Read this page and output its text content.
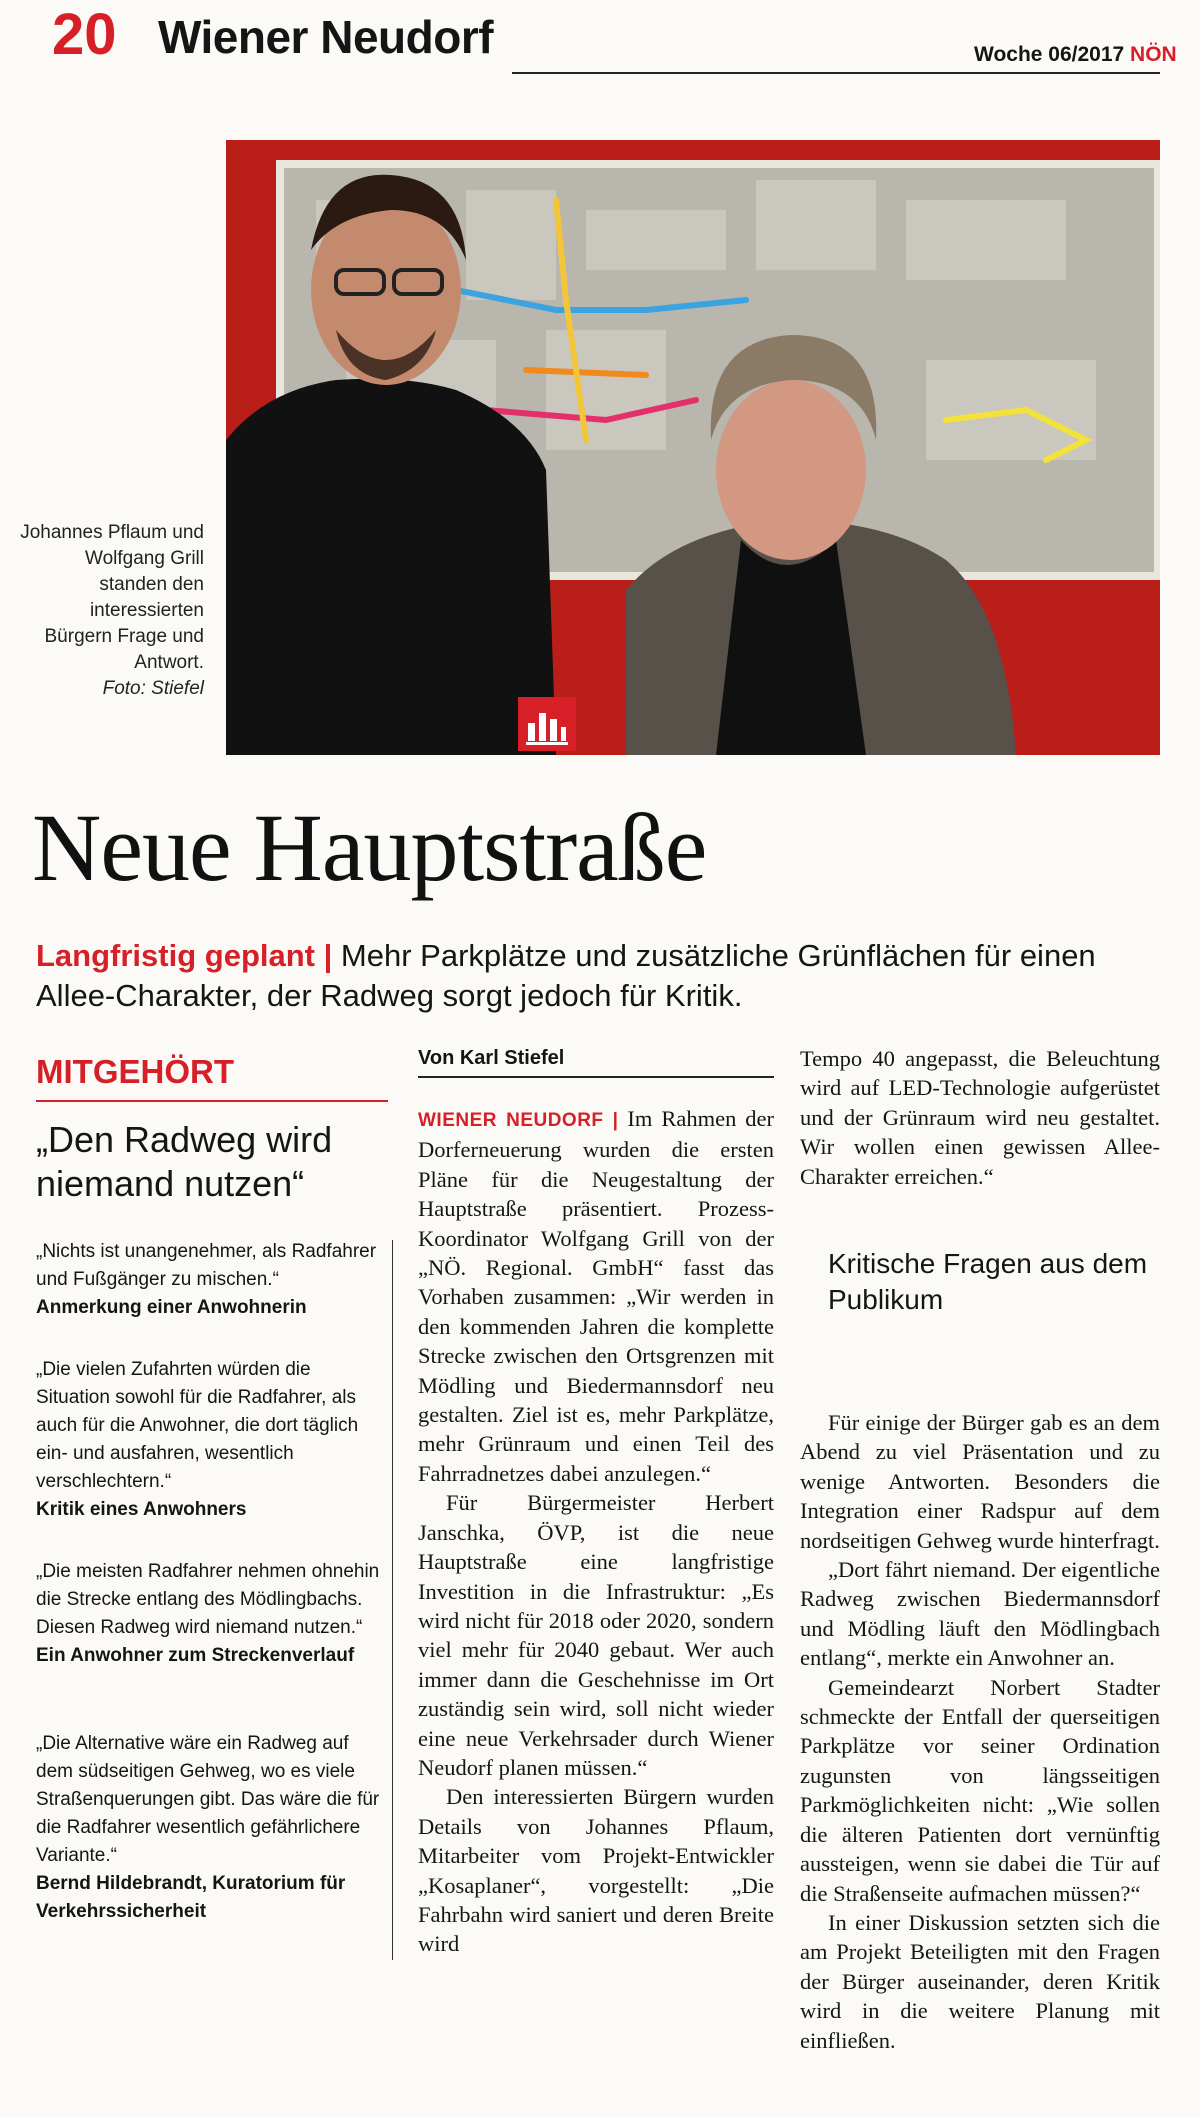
20 Wiener Neudorf	Woche 06/2017 NÖN
Johannes Pflaum und Wolfgang Grill standen den interessierten Bürgern Frage und Antwort.
Foto: Stiefel
Abstimmen auf
mödling.NÖN.at
Neue Hauptstraße
Langfristig geplant | Mehr Parkplätze und zusätzliche Grünflächen für einen Allee-Charakter, der Radweg sorgt jedoch für Kritik.
MITGEHÖRT
„Den Radweg wird niemand nutzen“
„Nichts ist unangenehmer, als Radfahrer und Fußgänger zu mischen.“
Anmerkung einer Anwohnerin
„Die vielen Zufahrten würden die Situation sowohl für die Radfahrer, als auch für die Anwohner, die dort täglich ein- und ausfahren, wesentlich verschlechtern.“
Kritik eines Anwohners
„Die meisten Radfahrer nehmen ohnehin die Strecke entlang des Mödlingbachs. Diesen Radweg wird niemand nutzen.“
Ein Anwohner zum Streckenverlauf
„Die Alternative wäre ein Radweg auf dem südseitigen Gehweg, wo es viele Straßenquerungen gibt. Das wäre die für die Radfahrer wesentlich gefährlichere Variante.“
Bernd Hildebrandt, Kuratorium für Verkehrssicherheit
Von Karl Stiefel

WIENER NEUDORF | Im Rahmen der Dorferneuerung wurden die ersten Pläne für die Neugestaltung der Hauptstraße präsentiert. Prozess-Koordinator Wolfgang Grill von der „NÖ. Regional. GmbH“ fasst das Vorhaben zusammen: „Wir werden in den kommenden Jahren die komplette Strecke zwischen den Ortsgrenzen mit Mödling und Biedermannsdorf neu gestalten. Ziel ist es, mehr Parkplätze, mehr Grünraum und einen Teil des Fahrradnetzes dabei anzulegen.“

Für Bürgermeister Herbert Janschka, ÖVP, ist die neue Hauptstraße eine langfristige Investition in die Infrastruktur: „Es wird nicht für 2018 oder 2020, sondern viel mehr für 2040 gebaut. Wer auch immer dann die Geschehnisse im Ort zuständig sein wird, soll nicht wieder eine neue Verkehrsader durch Wiener Neudorf planen müssen.“

Den interessierten Bürgern wurden Details von Johannes Pflaum, Mitarbeiter vom Projekt-Entwickler „Kosaplaner“, vorgestellt: „Die Fahrbahn wird saniert und deren Breite wird

Tempo 40 angepasst, die Beleuchtung wird auf LED-Technologie aufgerüstet und der Grünraum wird neu gestaltet. Wir wollen einen gewissen Allee-Charakter erreichen.“

Kritische Fragen aus dem Publikum

Für einige der Bürger gab es an dem Abend zu viel Präsentation und zu wenige Antworten. Besonders die Integration einer Radspur auf dem nordseitigen Gehweg wurde hinterfragt.

„Dort fährt niemand. Der eigentliche Radweg zwischen Biedermannsdorf und Mödling läuft den Mödlingbach entlang“, merkte ein Anwohner an.

Gemeindearzt Norbert Stadter schmeckte der Entfall der querseitigen Parkplätze vor seiner Ordination zugunsten von längsseitigen Parkmöglichkeiten nicht: „Wie sollen die älteren Patienten dort vernünftig aussteigen, wenn sie dabei die Tür auf die Straßenseite aufmachen müssen?“

In einer Diskussion setzten sich die am Projekt Beteiligten mit den Fragen der Bürger auseinander, deren Kritik wird in die weitere Planung mit einfließen.
